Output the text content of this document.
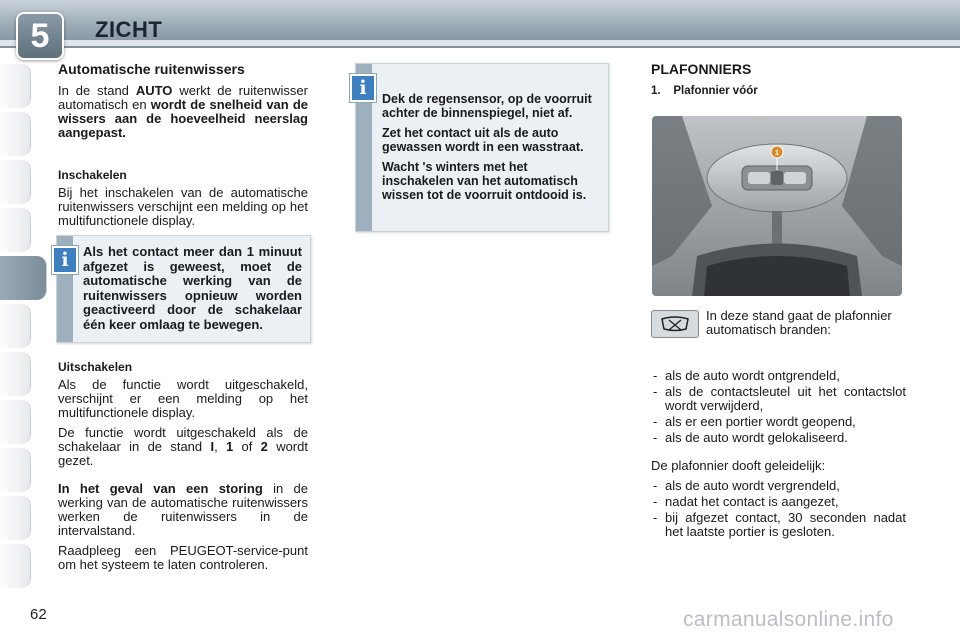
5	ZICHT
Automatische ruitenwissers

In de stand AUTO werkt de ruitenwisser automatisch en wordt de snelheid van de wissers aan de hoeveelheid neerslag aangepast.

Inschakelen

Bij het inschakelen van de automatische ruitenwissers verschijnt een melding op het multifunctionele display.

Als het contact meer dan 1 minuut afgezet is geweest, moet de automatische werking van de ruitenwissers opnieuw worden geactiveerd door de schakelaar één keer omlaag te bewegen.
i
Uitschakelen

Als de functie wordt uitgeschakeld, verschijnt er een melding op het multifunctionele display.

De functie wordt uitgeschakeld als de schakelaar in de stand I, 1 of 2 wordt gezet.

In het geval van een storing in de werking van de automatische ruitenwissers werken de ruitenwissers in de intervalstand.

Raadpleeg een PEUGEOT-service-punt om het systeem te laten controleren.

Dek de regensensor, op de voorruit achter de binnenspiegel, niet af.
Zet het contact uit als de auto gewassen wordt in een wasstraat.
Wacht 's winters met het inschakelen van het automatisch wissen tot de voorruit ontdooid is.
i
PLAFONNIERS
1.    Plafonnier vóór
1
In deze stand gaat de plafonnier automatisch branden:
- als de auto wordt ontgrendeld,
- als de contactsleutel uit het contactslot wordt verwijderd,
- als er een portier wordt geopend,
- als de auto wordt gelokaliseerd.

De plafonnier dooft geleidelijk:

- als de auto wordt vergrendeld,
- nadat het contact is aangezet,
- bij afgezet contact, 30 seconden nadat het laatste portier is gesloten.
62	carmanualsonline.info
